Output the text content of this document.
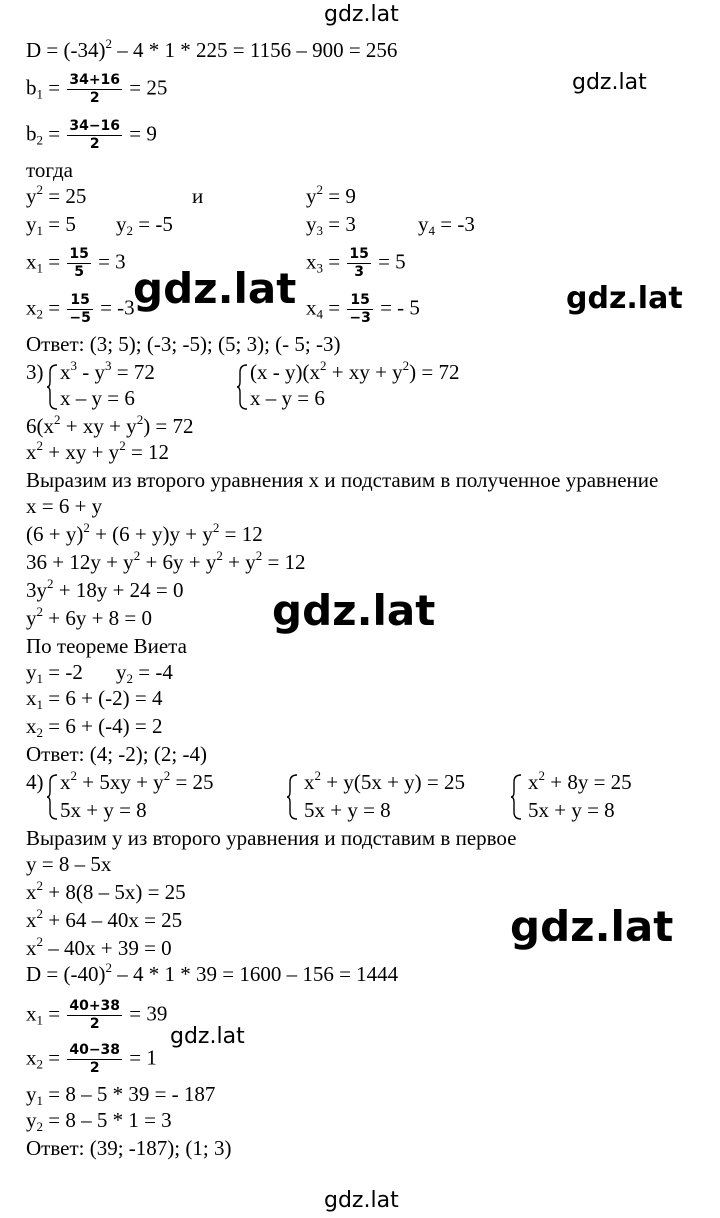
gdz.lat
gdz.lat
gdz.lat	gdz.lat
gdz.lat
gdz.lat
gdz.lat
gdz.lat
$D = (-34)^2 - 4 * 1 * 225 = 1156 - 900 = 256$
$b_1 = \frac{34+16}{2} = 25$
$b_2 = \frac{34-16}{2} = 9$
тогда
$y^2 = 25$	и	$y^2 = 9$
$y_1 = 5$ $y_2 = -5$	$y_3 = 3$	$y_4 = -3$
$x_1 = \frac{15}{5} = 3$	$x_3 = \frac{15}{3} = 5$
$x_2 = \frac{15}{-5} = -3$	$x_4 = \frac{15}{-3}$ = - 5
Ответ: (3; 5); (-3; -5); (5; 3); (- 5; -3)
3) $x^3 - y^3 = 72$
x – y = 6
$(x - y)(x^2$ + xy + $y^2) = 72$
x – y = 6
$6(x^2$ + xy + $y^2) = 72$
$x^2$ + xy + $y^2 = 12$
Выразим из второго уравнения х и подставим в полученное уравнение
x = 6 + y
$(6 + y)^2 + (6 + y)y + y^2 = 12$
$36 + 12y + y^2 + 6y + y^2 + y^2 = 12$
$3y^2 + 18y + 24 = 0$
$y^2 + 6y + 8 = 0$
По теореме Виета
$y_1 = -2$ $y_2 = -4$
$x_1 = 6 + (-2) = 4$
$x_2 = 6 + (-4) = 2$
Ответ: (4; -2); (2; -4)
4) $x^2 + 5xy + y^2 = 25$
5x + y = 8
$x^2 + y(5x + y) = 25$
5x + y = 8
$x^2 + 8y = 25$
5x + y = 8
Выразим у из второго уравнения и подставим в первое
y = 8 – 5x
$x^2 + 8(8 - 5x) = 25$
$x^2 + 64 - 40x = 25$
$x^2 - 40x + 39 = 0$
$D = (-40)^2 - 4 * 1 * 39 = 1600 - 156 = 1444$
$x_1 = \frac{40+38}{2} = 39$
$x_2 = \frac{40-38}{2} = 1$
$y_1 = 8 - 5 * 39$ = - 187
$y_2 = 8 - 5 * 1 = 3$
Ответ: (39; -187); (1; 3)
